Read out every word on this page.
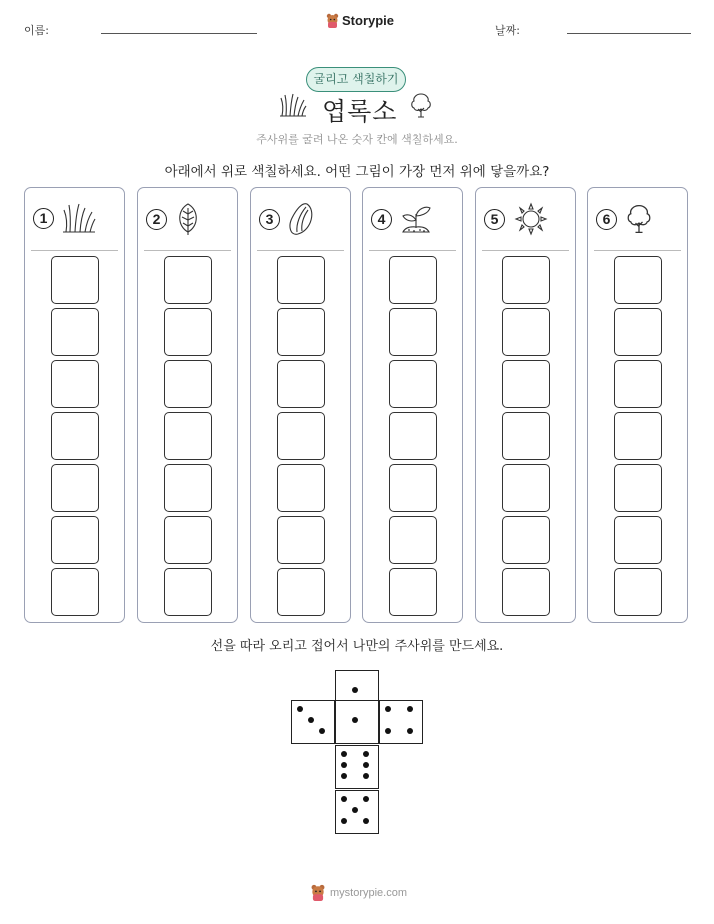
이름:
Storypie
날짜:
굴리고 색칠하기
엽록소
주사위를 굴려 나온 숫자 칸에 색칠하세요.
아래에서 위로 색칠하세요. 어떤 그림이 가장 먼저 위에 닿을까요?
1	2	3	4	5	6
선을 따라 오리고 접어서 나만의 주사위를 만드세요.
mystorypie.com
